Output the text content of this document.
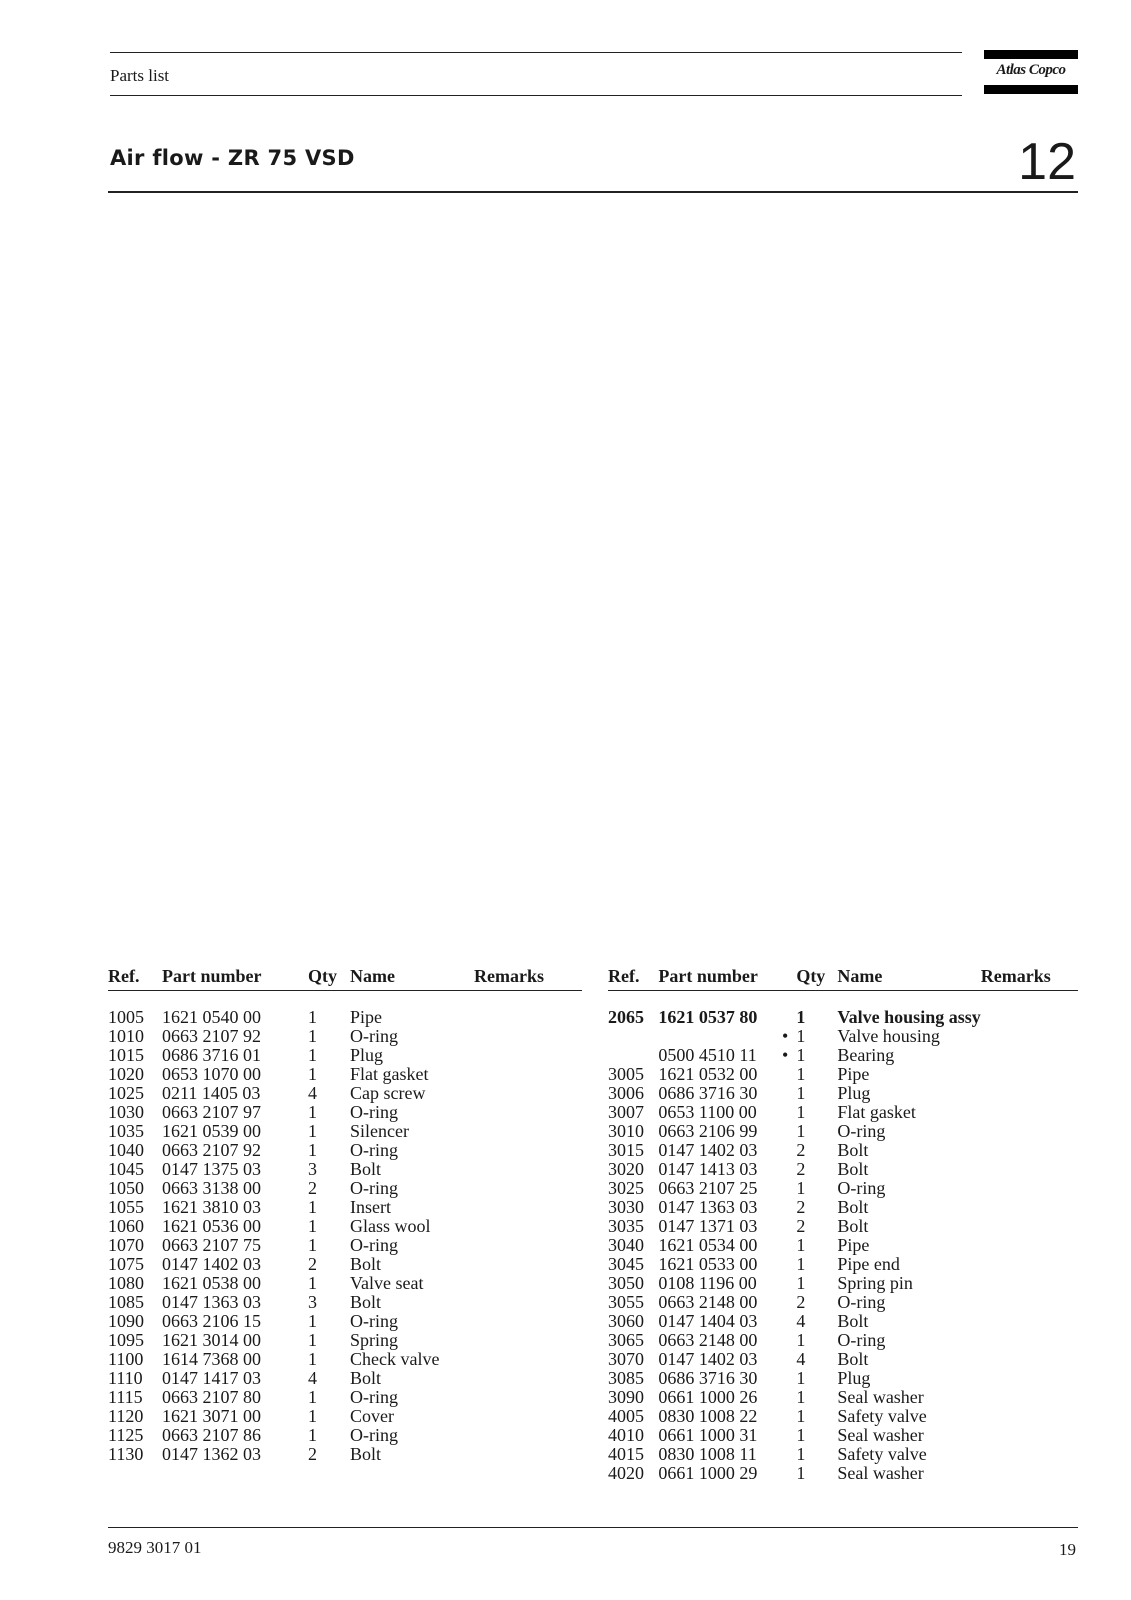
Parts list	Atlas Copco
Air flow - ZR 75 VSD	12
Ref.	Part number	Qty	Name	Remarks

1005	1621 0540 00	1	Pipe	
1010	0663 2107 92	1	O-ring	
1015	0686 3716 01	1	Plug	
1020	0653 1070 00	1	Flat gasket	
1025	0211 1405 03	4	Cap screw	
1030	0663 2107 97	1	O-ring	
1035	1621 0539 00	1	Silencer	
1040	0663 2107 92	1	O-ring	
1045	0147 1375 03	3	Bolt	
1050	0663 3138 00	2	O-ring	
1055	1621 3810 03	1	Insert	
1060	1621 0536 00	1	Glass wool	
1070	0663 2107 75	1	O-ring	
1075	0147 1402 03	2	Bolt	
1080	1621 0538 00	1	Valve seat	
1085	0147 1363 03	3	Bolt	
1090	0663 2106 15	1	O-ring	
1095	1621 3014 00	1	Spring	
1100	1614 7368 00	1	Check valve	
1110	0147 1417 03	4	Bolt	
1115	0663 2107 80	1	O-ring	
1120	1621 3071 00	1	Cover	
1125	0663 2107 86	1	O-ring	
1130	0147 1362 03	2	Bolt	
Ref.	Part number		Qty	Name	Remarks

2065	1621 0537 80		1	Valve housing assy	
		•	1	Valve housing	
	0500 4510 11	•	1	Bearing	
3005	1621 0532 00		1	Pipe	
3006	0686 3716 30		1	Plug	
3007	0653 1100 00		1	Flat gasket	
3010	0663 2106 99		1	O-ring	
3015	0147 1402 03		2	Bolt	
3020	0147 1413 03		2	Bolt	
3025	0663 2107 25		1	O-ring	
3030	0147 1363 03		2	Bolt	
3035	0147 1371 03		2	Bolt	
3040	1621 0534 00		1	Pipe	
3045	1621 0533 00		1	Pipe end	
3050	0108 1196 00		1	Spring pin	
3055	0663 2148 00		2	O-ring	
3060	0147 1404 03		4	Bolt	
3065	0663 2148 00		1	O-ring	
3070	0147 1402 03		4	Bolt	
3085	0686 3716 30		1	Plug	
3090	0661 1000 26		1	Seal washer	
4005	0830 1008 22		1	Safety valve	
4010	0661 1000 31		1	Seal washer	
4015	0830 1008 11		1	Safety valve	
4020	0661 1000 29		1	Seal washer	
9829 3017 01	19
